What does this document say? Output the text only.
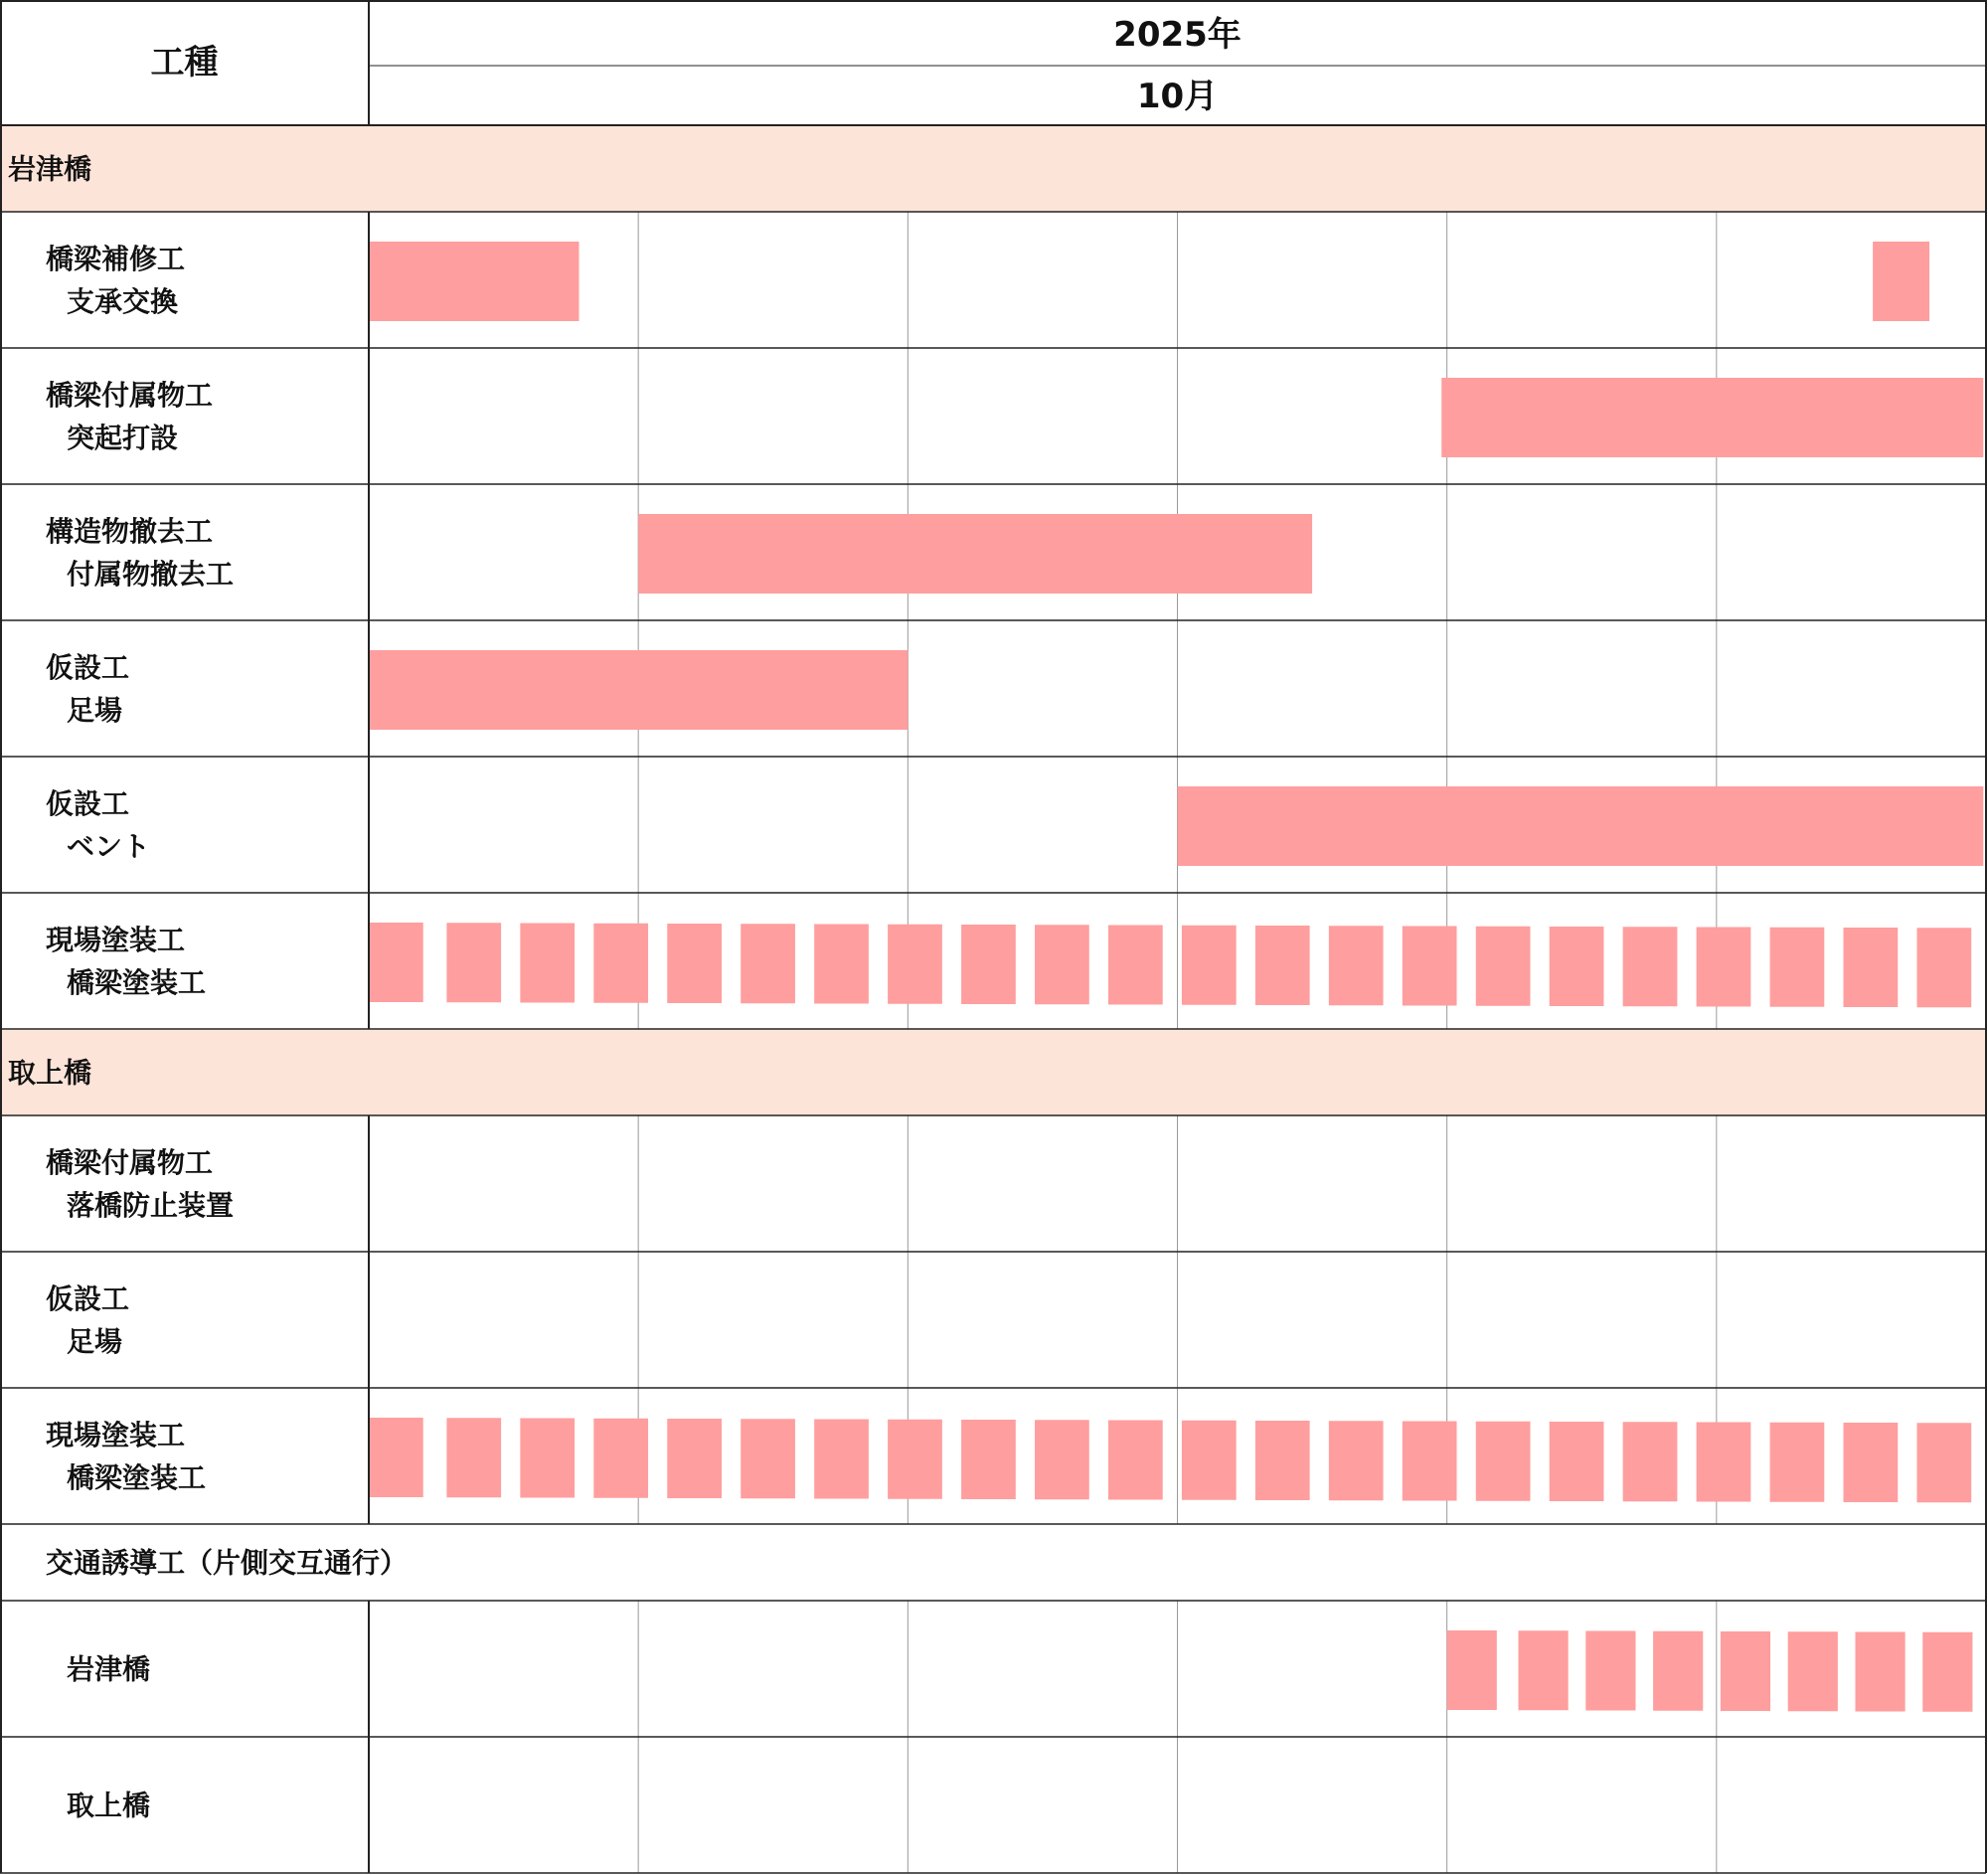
工種
2025年
10月
岩津橋
橋梁補修工
支承交換
橋梁付属物工
突起打設
構造物撤去工
付属物撤去工
仮設工
足場
仮設工
ベント
現場塗装工
橋梁塗装工
取上橋
橋梁付属物工
落橋防止装置
仮設工
足場
現場塗装工
橋梁塗装工
交通誘導工（片側交互通行）
岩津橋
取上橋
